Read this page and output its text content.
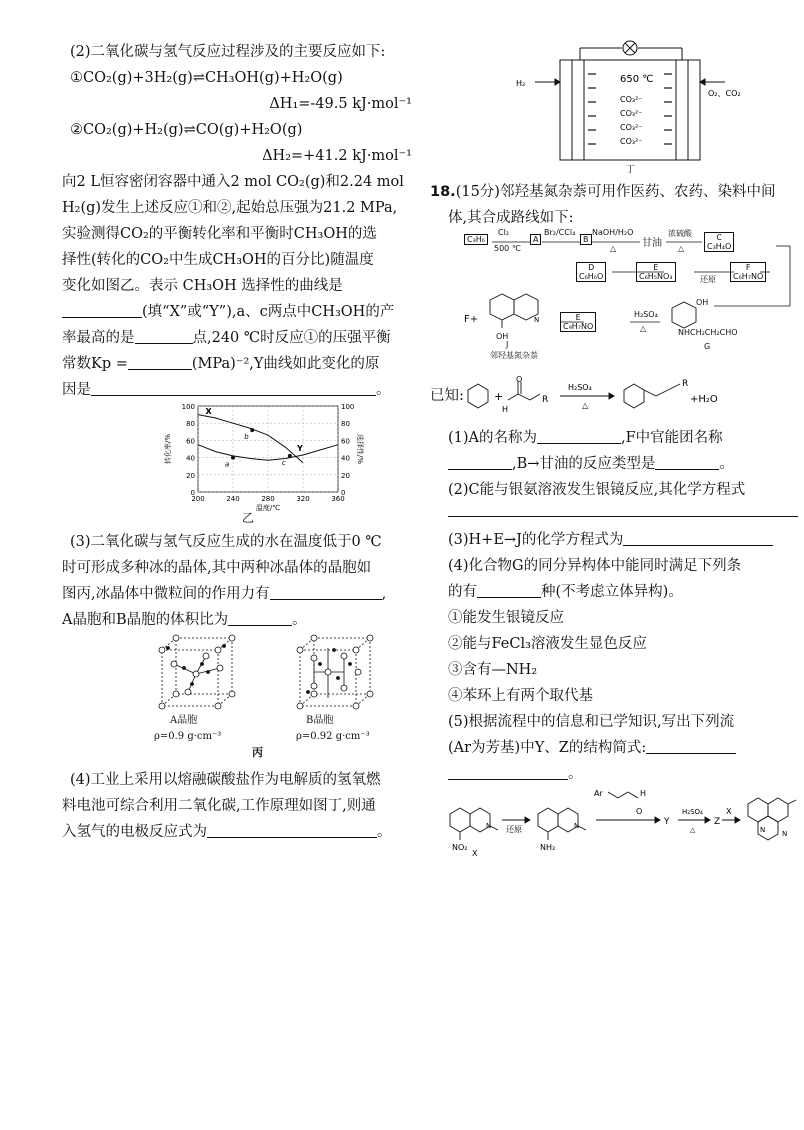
(2)二氧化碳与氢气反应过程涉及的主要反应如下:
①CO₂(g)+3H₂(g)⇌CH₃OH(g)+H₂O(g)
ΔH₁=-49.5 kJ·mol⁻¹
②CO₂(g)+H₂(g)⇌CO(g)+H₂O(g)
ΔH₂=+41.2 kJ·mol⁻¹
向2 L恒容密闭容器中通入2 mol CO₂(g)和2.24 mol
H₂(g)发生上述反应①和②,起始总压强为21.2 MPa,
实验测得CO₂的平衡转化率和平衡时CH₃OH的选
择性(转化的CO₂中生成CH₃OH的百分比)随温度
变化如图乙。表示 CH₃OH 选择性的曲线是
(填“X”或“Y”),a、c两点中CH₃OH的产
率最高的是	点,240 ℃时反应①的压强平衡
常数Kp =	(MPa)⁻²,Y曲线如此变化的原
因是	。
0	0
20	20
40	40
60	60
80	80
100	100
200	240	280	320	360
温度/℃
转化率/%	选择性/%
X
Y
a
b
c
乙
(3)二氧化碳与氢气反应生成的水在温度低于0 ℃
时可形成多种冰的晶体,其中两种冰晶体的晶胞如
图丙,冰晶体中微粒间的作用力有	,
A晶胞和B晶胞的体积比为	。
A晶胞	B晶胞
ρ=0.9 g·cm⁻³	ρ=0.92 g·cm⁻³
丙
(4)工业上采用以熔融碳酸盐作为电解质的氢氧燃
料电池可综合利用二氧化碳,工作原理如图丁,则通
入氢气的电极反应式为	。
650 ℃
CO₃²⁻
CO₃²⁻
CO₃²⁻
CO₃²⁻
H₂
O₂、CO₂
丁
18.(15分)邻羟基氮杂萘可用作医药、农药、染料中间
体,其合成路线如下:
C₃H₆
Cl₂
500 ℃
A
Br₂/CCl₄
B
NaOH/H₂O
△	甘油
浓硫酸
△
C
C₃H₄O
D
C₆H₆O
E
C₆H₅NO₃	还原
F
C₆H₇NO
F+	N
OH
E
C₉H₇NO
H₂SO₄
△
OH
NHCH₂CH₂CHO
J
邻羟基氮杂萘
G
已知:	+
H
O
R
H₂SO₄
△
R
+H₂O
(1)A的名称为	,F中官能团名称
,B→甘油的反应类型是	。
(2)C能与银氨溶液发生银镜反应,其化学方程式
(3)H+E→J的化学方程式为
(4)化合物G的同分异构体中能同时满足下列条
的有	种(不考虑立体异构)。
①能发生银镜反应
②能与FeCl₃溶液发生显色反应
③含有—NH₂
④苯环上有两个取代基
(5)根据流程中的信息和已学知识,写出下列流
(Ar为芳基)中Y、Z的结构简式:
。
N	N
NO₂
X
还原
NH₂
Ar	H
O
Y
H₂SO₄
△
Z
X
N
N
